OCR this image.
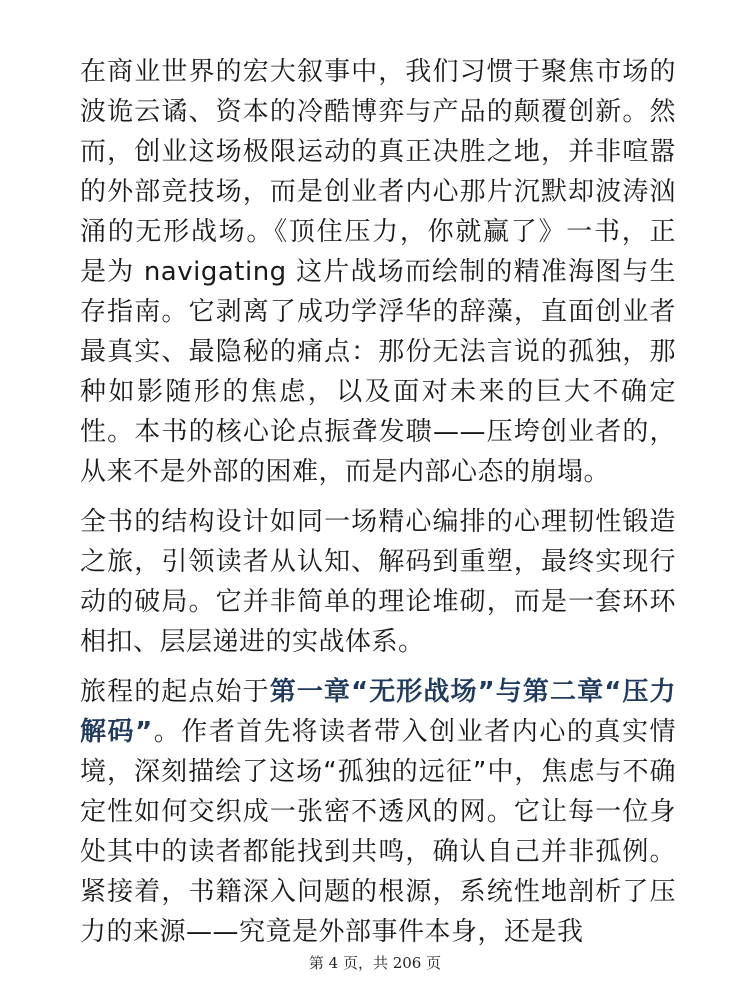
在商业世界的宏大叙事中，我们习惯于聚焦市场的波诡云谲、资本的冷酷博弈与产品的颠覆创新。然而，创业这场极限运动的真正决胜之地，并非喧嚣的外部竞技场，而是创业者内心那片沉默却波涛汹涌的无形战场。《顶住压力，你就赢了》一书，正是为 navigating 这片战场而绘制的精准海图与生存指南。它剥离了成功学浮华的辞藻，直面创业者最真实、最隐秘的痛点：那份无法言说的孤独，那种如影随形的焦虑，以及面对未来的巨大不确定性。本书的核心论点振聋发聩——压垮创业者的，从来不是外部的困难，而是内部心态的崩塌。

全书的结构设计如同一场精心编排的心理韧性锻造之旅，引领读者从认知、解码到重塑，最终实现行动的破局。它并非简单的理论堆砌，而是一套环环相扣、层层递进的实战体系。

旅程的起点始于第一章“无形战场”与第二章“压力解码”。作者首先将读者带入创业者内心的真实情境，深刻描绘了这场“孤独的远征”中，焦虑与不确定性如何交织成一张密不透风的网。它让每一位身处其中的读者都能找到共鸣，确认自己并非孤例。紧接着，书籍深入问题的根源，系统性地剖析了压力的来源——究竟是外部事件本身，还是我

第 4 页，共 206 页
